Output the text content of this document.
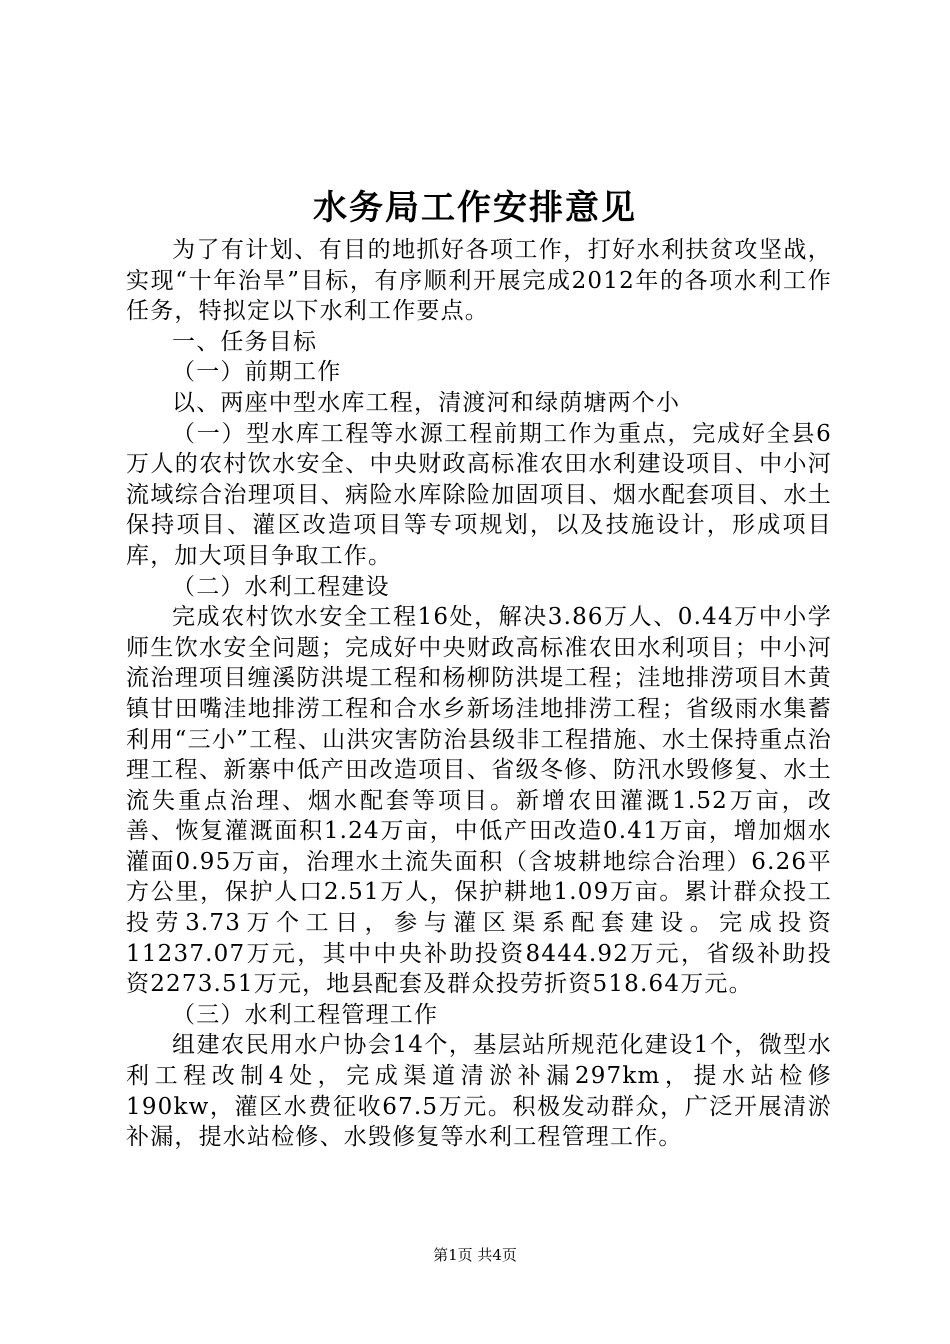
水务局工作安排意见

为了有计划、有目的地抓好各项工作，打好水利扶贫攻坚战，实现“十年治旱”目标，有序顺利开展完成2012年的各项水利工作任务，特拟定以下水利工作要点。

一、任务目标

（一）前期工作

以、两座中型水库工程，清渡河和绿荫塘两个小

（一）型水库工程等水源工程前期工作为重点，完成好全县6万人的农村饮水安全、中央财政高标准农田水利建设项目、中小河流域综合治理项目、病险水库除险加固项目、烟水配套项目、水土保持项目、灌区改造项目等专项规划，以及技施设计，形成项目库，加大项目争取工作。

（二）水利工程建设

完成农村饮水安全工程16处，解决3.86万人、0.44万中小学师生饮水安全问题；完成好中央财政高标准农田水利项目；中小河流治理项目缠溪防洪堤工程和杨柳防洪堤工程；洼地排涝项目木黄镇甘田嘴洼地排涝工程和合水乡新场洼地排涝工程；省级雨水集蓄利用“三小”工程、山洪灾害防治县级非工程措施、水土保持重点治理工程、新寨中低产田改造项目、省级冬修、防汛水毁修复、水土流失重点治理、烟水配套等项目。新增农田灌溉1.52万亩，改善、恢复灌溉面积1.24万亩，中低产田改造0.41万亩，增加烟水灌面0.95万亩，治理水土流失面积（含坡耕地综合治理）6.26平方公里，保护人口2.51万人，保护耕地1.09万亩。累计群众投工投劳3.73万个工日，参与灌区渠系配套建设。完成投资11237.07万元，其中中央补助投资8444.92万元，省级补助投资2273.51万元，地县配套及群众投劳折资518.64万元。

（三）水利工程管理工作

组建农民用水户协会14个，基层站所规范化建设1个，微型水利工程改制4处，完成渠道清淤补漏297km，提水站检修190kw，灌区水费征收67.5万元。积极发动群众，广泛开展清淤补漏，提水站检修、水毁修复等水利工程管理工作。

第1页 共4页
